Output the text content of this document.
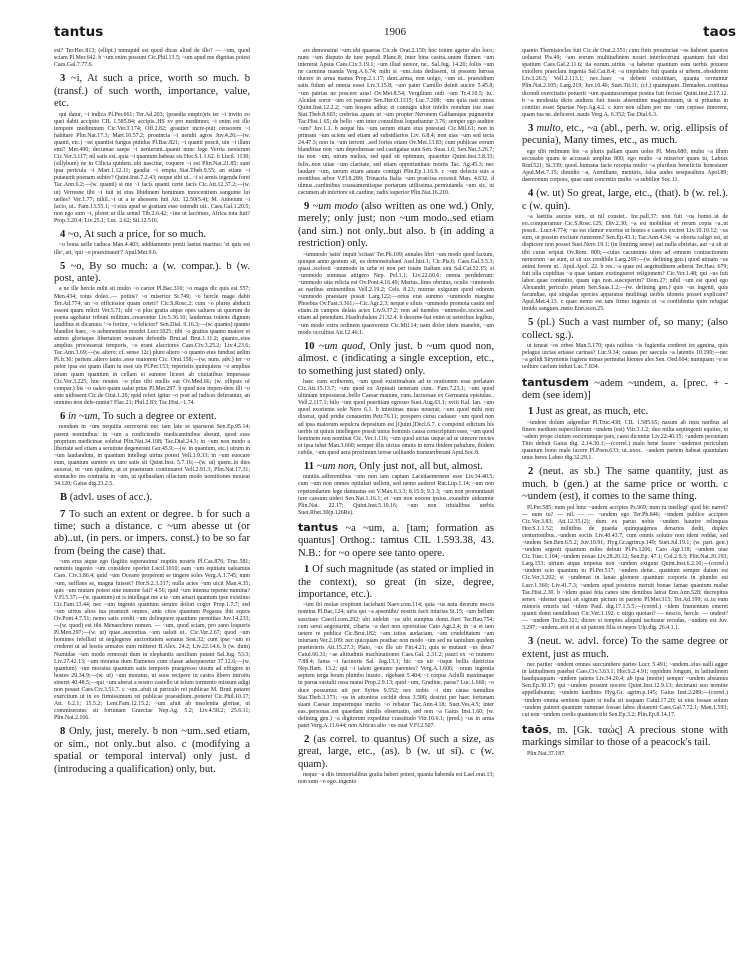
tantus	1906	taos

est? Ter.Hec.813; (ellipt.) numquid est quod dicas aliud de illo? — ~um, quod sciam Pl.Mer.642. b ~um enim possunt Cic.Phil.13.5; ~um apud me dignitas potest Caes.Gal.7.77.6.

3 ~i, At such a price, worth so much. b (transf.) of such worth, importance, value, etc.

qui datur, ~i indica Pl.Per.661; Ter.Ad.203; (praedia empto)ris ter ~i invito eo quei dabit accipito CIL 1.585.84; accipis..HS xv pro medimno; ~i enim est illo tempore medimnum Cic.Ver.3.174; Off.2.82; grauiter incre-puit censorem ~i habitare Plin.Nat.17.3; Mart.10.57.2; prouincia ~i uendit agros Juv.4.26;—(w. quanti, etc.) ~ist quantist fungus putidus Pl.Bac.821; ~i quanti poscit, uin ~i illam emi? Mer.490; decumae saepe ~i uenierunt..quanti nunc lege Verria uenierunt Cic.Ver.3.117; nil satis est..quia ~i quantum habeas sis Hor.S.1.1.62. b Lucil. 1130; (sillybum) ne in Cilicia quidem..ubi nascitur, coquere ~i est Plin.Nat.21.85; sunt ipsa pericula ~i Mart.1.12.11; gaudia ~i empta Stat.Theb.9.55; an etiam ~i putauerit poenam subire? Quint.Inst.7.2.43; neque sibi ut...~i si armis tegenda foret Tac.Ann.6.2;—(w. quanti) si me ~i facis quanti certe facis Cic.Att.12.37.2;—(w. ut) Verresne tibi ~i fuit ut eius libidinem hominum innocentium sanguine lui ueiles? Ver.1.77; nihil..~i ut a te abessem fuit Att. 12.50(5.4); M. Anneium ~i facio, ut.. Fam.13.55.1; ~i eius apud se gratiam esse ostendit uti.. Caes.Gal.1.20.5; non ego sum ~i, ploret ut illa semel Tib.2.6.42; ~ine ut lacrimes, Africa tota fuit? Prop.3.20.4; Liv.25.1; Luc. 2.62; Sil.12.516.

4 ~o, At such a price, for so much.

~o bona uelle caduca Man.4.403; additamento pretii laetus maritus: 'et quis est ille', ait, 'qui ~o praestinauit'? Apul.Met.9.6.

5 ~o, By so much: a (w. compar.). b (w. post, ante).

a ne ille hercle mihi sit multo ~o carior Pl.Bac.310; ~o magis dic quis est 557; Men.434; totus doleo..— potius? ~o miserior St.749; ~o hercle mage dabit Ter.Ad.774; an ~o officiosior quam ceteri? Cic.S.Rosc.2; cum ~o plures abducti essent quam relicti Ver.5.71; ubi ~o plus gratia atque opes ualuere ut quorum de poena agebatur tribuni militum..crearentur Liv.5.36.10; laudemus totiens dignum laudibus et dicamus: '~o fortior, ~o felicior!' Sen.Dial. 9.16.3;—(w. quanto) quanto blandior haec, ~o uehementius mordet Lucr.1025; tibi ~o gratius quanto maiore et animo gloriaque libertatem nostram defendis Brut.ad Brut.1.11.2; quanto..eius amplius processerat temporis, ~o erant alacriores Caes.Civ.3.25.2; Liv.4.23.6; Tac.Ann.3.69;—(w. altero: cf. sense 12c) plure altero ~o quanto eius fundust uelim Pl.fr.36; partem..altero tanto..esse maiorem Cic. Orat.158;—(w. num. adv.) ter ~o peior ipsa est quam illam tu esse uis Pl.Per.153; reperietis quinquiens ~o amplius istum quam quantum in cellam ei sumere liceret ab ciuitatibus imperasse Cic.Ver.3.225; huc nouies ~o plus tibi mellis eat Ov.Med.66; (w. ellipsis of compar.) bis ~o ualeo quam ualui prius Pl.Mer.297. b quod non impen-dere illi ~o ante uidissent Cic.de Orat.1.26; quid refert igitur ~o post ad iudices deferantur, an omnino non defe-rantur? Flac.21; Phil.2.83; Tac.Hist.~1.74.

6 in ~um, To such a degree or extent.

nondum in ~um nequitia surrexerat nec tam late se sparserat Sen.Ep.95.14; parent nominibus: in ~um a conficiendis medicaminibus abeunt, quod esse proprium medicinae solebat Plin.Nat.34.108; Tac.Dial.24.3; in ~um non modo a libertate sed etiam a seruitute degenerant Ger.45.9;—(w. in quantum, etc.) uirum in ~um laudandum, in quantum intellegi uirtus potest Vell.1.9.33; in ~um euocare eum, quantum sumere ex uno satis sit Quint.Inst. 5.7.16;—(w. ut) quem..in dies auxerat, in ~um quidem, ut ei praeturam continuaret Vell.2.91.3; Plin.Nat.17.31; stomacho res contraria in ~um, ut quibusdam olfactum modo uomitiones moueat 34.120; Gaius dig.23.2.5.

B (advl. uses of acc.).

7 To such an extent or degree. b for such a time; such a distance. c ~um abesse ut (or ab)..ut, (in pers. or impers. const.) to be so far from (being the case) that.

~um erus atque ego flagitio superauimu' nuptiis nostris Pl.Cas.876; Truc.581; neminis ingenio ~um considere oportet Lucil.1010; eam ~um equitatu ualeamus Caes. Civ.3.86.4; quid ~um Oceano properent se tingere soles Verg.A.1.745; num ~um, sufflans se, magna fuisset? Hor.S.2.3.317; nulla acies ~um uicit Man.4.35; quis ~um mutare potest sine numine fati? 4.56; quid ~um intensa repente numina? V.Fl.5.37;—(w. quantum) ut is intellegat me a te ~um amari quantum ipse existimo Cic.Fam.13.44; nec ~um ingenio quantum seruire dolori cogor Prop.1.7.7; sed ~um uirtus alios tua praeterit omnes, ante citos quantum Pegasus ibit equos Ov.Pont.4.7.51; nemo satis credit ~um delinquere quantum permittas Juv.14.233;—(w. quod) est tibi Menaechmo nomen. — ~um, quod sciam, pro sano loqueris Pl.Men.297;—(w. ut) quae..auctoritas ~um ualuit ut.. Cic.Ver.2.67; quod ~um homines fefellisti ut neglegeres auctoritatem senatus Sest.32; cum ipse ~um ei crederet ut ad hostis armatos eum mitteret B.Alex. 24.2; Liv.22.14.6. b (w. dum) Numidae ~um modo remorati dum in elephantis auxilium putant Sal.Jug. 53.3; Liv.27.42.13; ~um moratus dum Eumenes cum classe adsequeretur 37.12.6;—(w. quantum) ~um moratus quantum satis temporis praegresso uisum ad effugere in hostes 29.34.9;—(w. ut) ~um moratus, ut suos recipere in castra libero introitu sineret 40.48.5;—qui ~um aberat a nostro castello ut telum tormento missum adigi non posset Caes.Civ.3.51.7. c ~um..afuit ut periculo rei publicae M. Bruti putaret exercitum ut in eo firmissimum rei publicae praesidium..poneret Cic.Phil.10.17; Att. 6.2.1; 15.5.2; Lent.Fam.12.15.2; ~um afuit ab insolentia gloriae, ut commiseratus sit fortunam Graeciae Nep.Ag. 5.2; Liv.4.58.2; 25.6.11; Plin.Nat.2.166.

8 Only, just, merely. b non ~um..sed etiam, or sim., not only..but also. c (modifying a spatial or temporal interval) only just. d (introducing a qualification) only, but.

ars demonstrat ~um ubi quaeras Cic.de Orat.2.150; hoc totum agetur alio loco; nunc ~um disputo de iure populi Planc.8; inter bina castra..unum flumen ~um intererat Apsus Caes.Civ.3.19.1; ~um illud uereor, ne.. Sal.Jug. 14.20; foliis ~um ne carmina manda Verg.A.6.74; mihi si ~um..fata dedissent, ut possem heroas ducere in arma manus Prop.2.1.17; dant..arma, non uolgo, ~um ut.. praesidium satis fidum ad omnia esset Liv.3.15.8; ~um pater Camillo deinit auctor 5.45.8; ~um patrias ne poscere aras! Ov.Met.8.54; Vergilium uidi ~um Tr.4.10.5; tu.. Alcidae soror ~um ex parente Sen.Her.O.1315; Luc.7.208; ~um quia nati simus Quint.Inst.12.2.2; ~um hospes adhuc et coniugis ultor infelix nondum iste suae Stat.Theb.8.603; crebrius..quam ut ~um propter Neronem Galbamque pugnaretur Tac.Hist.1.65; de bello ~um inter consulibus loquebantur 3.76; semper ego auditor ~um? Juv.1.1. b neque his ~um uerum etiam eius potestati Cic.Mil.61; non in primam ~um aciem sed etiam ad subsidiarios Liv. 6.8.4; non uias ~um sed tecta 24.47.3; non tu ~um terrent ..sed fortes etiam Ov.Met.13.83; cum publicae eorum blanditiae non ~um deprehensae sed castigatae sunt Sen. Suas.1.6; Sen.Nat.3.26.7; ita non ~um, utrum melius, sed quid sit optimum, quaeritur Quint.Inst.3.8.33; felix..non uitae ~um claritate, sed etiam opportunitate mortis Tac. Ag.45.3; nec laudare ~um, uerum etiam amare contigit Plin.Ep.1.16.9. c ~um delecta suis a montibus arbor V.Fl.8.289; Trinacria Italia ~um praecisa recessit Man. 4.632. d ulmus..cardinibus coassamentisque portarum utilissima..permutanda ~um sic, ut cacumen ab inferiore sit cardine, radix superior Plin.Nat.16.210.

9 ~um modo (also written as one wd.) Only, merely; only just; non ~um modo..sed etiam (and sim.) not only..but also. b (in adding a restriction) only.

~ummodo 'satis' inquit 'scitast' Ter.Ph.109; annales libri ~um modo quod factum, quoque anno gestum sit, ea demonstrabant Asel.hist.1; Cic.Pis.6; Caes.Gal.3.5.3; quasi..scelesti ~ummodo in urbe et non per totam Italiam sint Sal.Cat.52.15; si ~ummodo summas attigero Nep. Pel.1.1; Liv.22.60.6; omnia perdiderunt: ~ummodo uita relicta est Ov.Pont.4.16.49; Marius..limo obrutus, oculis ~ummodo ac naribus eminentibus Vell.2.19.2; Cels. 8.23; murrae exiguum quod odorem ~ummodo praestare possit Larg.122;—ortus erat summo ~ummodo margine Phoebus Ov.Fast.3.361;—Cic.Agr.2.3; neque e siluis ~ummodo promota castra sed etiam..in campos delata acies Liv.9.37.2; non ad tuendos ~ummodo..socios..sed etiam ad petendum..Hasdrubalem 21.32.4. b decerne-bat enim ut ueteribus legibus, ~um modo extra ordinem quaereretur Cic.Mil.14; nam dolor idem manebit, ~um modo occultius Att.12.46.1.

10 ~um quod, Only just. b ~um quod non, almost. c (indicating a single exception, etc., to something just stated) only.

haec cum scriberem, ~um quod existimabam ad te orationem esse perlatam Cic.Att.15.13.7; ~um quod ex Arpinati ueneram cum.. Fam.7.23.1; ~um quod ultimam imposuerat..bello Caesar manum, cum..luctuosae ex Germania epistulae.. Vell.2.117.1; hilo ~um quod pueritiam egresso Suet.Aug.63.1; xviii Kal. Ian. ~um quod exoriente sole Nero 6.1. b intestinas meas nouerat; ~um quod mihi non dixerat, quid pridie cenauerim Petr.76.11; prospero cursu cadauer ~um quod non ad ipsa maiorum sepulcra depositum est [Quint.]Decl.6.7. c componit edictum his uerbis ut quiuis intellegere possit unius hominis causa conscriptum esse, ~um quod hominem non nominat Cic. Ver.1.116; ~um quod uictas usque ad se uincere noctes et ipsa iubet Man.3.660; semper illis uictus omnis in terra ibidem pabulum, ibidem cubile, ~um quod aera proximum terrae uolitando transuerberant Apul.Soc.8.

11 ~um non, Only just not, all but, almost.

nuntiis..adferentibus ~um non iam captam Lacedaemonem esse Liv.34.40.5; cum ~um non omnes opitulari uellent, sed nemo auderet Rut.Lup.1.14; ~um non repetundarum lege damnatus est V.Max.6.3.3; 8.15.9; 9.3.3; ~um non pronuntiauit iure caesum uideri Sen.Nat.1.16.1; et ~um non uocem ipsius..exaudire uideamur Plin.Nat. 22.17; Quint.Inst.5.10.16; ~um non triuialibus uerbis Suet.Rhet.30(p.126Re).

tantus ~a ~um, a. [tam; formation as quantus] Orthog.: tamtus CIL 1.593.38, 43. N.B.: for ~o opere see tanto opere.

1 Of such magnitude (as stated or implied in the context), so great (in size, degree, importance, etc.).

~um ibi molae crepitum faciebant Naev.com.114; quia ~us natu deorum nescis nomina Pl.Bac.124; uiris qui ~a apsentibu' nostris facit iniurias St.15; ~um bellum suscitare Caecil.com.292; ubi uidebit ~os sibi sumptus domi..fieri Ter.Hau.754; cum serui aegrotarint, cibaria ~a dari non oportuisse Cato Agr.2.4; in ~a et tam uetere re publica Cic.Brut.182; ~am istius audaciam, ~am crudelitatem ~am iniuriam Ver.2.109; nec quicquam posthac non modo ~um sed ne tantulum quidem praeterieris Att.15.27.3; Plato, ~us ille uir Fin.4.21; quis te mutauit ~us deus? Catul.66.31; ~ae altitudinis machinationes Caes.Gal. 2.31.2; pauci ex ~o numero 7.88.4; fama ~i facinoris Sal. Jug.13.1; hic ~us uir ~isque bellis districtus Nep.Ham. 13.2; qui ~i talem genuere parentes? Verg.A.1.606; ~orum ingentia septem terga boum plumbo insuto.. rigebant 5.404; ~i corpus Achilli maximaque in parua sustulit ossa manu Prop.2.9.13; quid ~um, Gradiue, paras? Luc.1.660; ~o duce possumus uti per Syrtes 9.552; nec uobis ~i sim causa tumultus Stat.Theb.3.373; ~us in attonitos cecidit deus 3.580; destrui per haec fortunam suam Caesar imparemque merito ~o rebatur Tac.Ann.4.18; Suet.Ves.4.5; inter eas..personas..est quaedam similis obseruatio, sed non ~a Gaius Inst.1.60; (w. defining gen.) ~a digitorum expeditur crassitudo Vitr.10.6.1; (pred.) ~us in arma patet Verg.A.11.644; non Africus alto ~us ouat V.Fl.2.507.

2 (as correl. to quantus) Of such a size, as great, large, etc., (as). b (w. ut si). c (w. quam).

neque ~a diis immortalibus gratia haberi potest, quanta habenda est Lael.orat.13; non sum ~o ego..ingenio

quanto Themistocles fuit Cic.de Orat.2.351; cum finis prouinciae ~os haberet quantos uoluerat Pis.49; ~am eorum multitudinem nostri interfecerunt quantum fuit diei spatium Caes.Gal.2.11.6; ita eorum..uirtus ~a habetur quantum eam uerbis potuere extollere praeclara ingenia Sal.Cat.8.4; ~a trepidatio fuit quanta si urbem..obsiderent Liv.3.26.5; Vell.2.113.1; nec..haec ~a debent existimari, quanta cernuntur Plin.Nat.2.105; Larg.219; Juv.10.40; Suet.Tit.11; (cf.) quamquam..Demaden..continua dicendi exercitatio potuerit ~um quantuscumque postea fuit fecisse Quint.Inst.2.17.12. b ~a modestia dicto audiens fuit iussis absentium magistratuum, ut si priuatus in comitio esset Spartae Nep.Ag.4.2. c iuro non ullum pro me ~um cepisse timorem, quam tua ne..deficeret..nauis Verg.A. 6.352; Tac.Dial.6.3.

3 multo, etc., ~a (abl., perh. w. orig. ellipsis of pecunia), Many times, etc., as much.

ego tibi redimam bis ~a pluris pallam quam uoles Pl. Men.680; multo ~a illum accusabo quam te accusaui amplius 800; ego multo ~a miserior quam tu, Labrax Rud.521; St.339; quod..humana facie recepta multo ~a pluribus beneficiis honestarer Apul.Met.7.15; dimidio ~a, Aemiliane, mentiris, falsa audes sesquealtera Apol.89; daemonum corpora, quae sunt concretio multo ~a subtilior Soc.11.

4 (w. ut) So great, large, etc., (that). b (w. rel.). c (w. quin).

~a laetitia auctus sum, ut nil constet.. Inc.pall.37; non fuit ~us homo..ut de eo..conqueramur Cic.S.Rosc.125; Div.2.30; ~a est mobilitas et rerum copia ~a..ut possit.. Lucr.4.774; ~us est clamor exortus ut hostes e castris exciret Liv.10.19.12; ~us sum, ut possim excitare rumorem? Sen.Ep.43.1; Tac.Ann.4.34; ~a oborta caligo est, ut dispicere non posset Suet.Nero 19.1; (in limiting sense) aut nulla ebrietas, aut ~a sit ut tibi curas eripiat Ov.Rem. 809;—cuius cacuminis uires ad omnem contractionem neruorum ~ae sunt, ut sit uix credibile Larg.269;—(w. defining gen.) quod utinam ~us animi forem ut.. Apul.Apol. 22. b res..~a quae mi aegritudinem adierat Ter.Hau. 679; fuit ulla cupiditas ~a quae tantam exstingueret religionem? Cic.Ver.1.48; qui ~us fuit labor..quae contentio, quam ego non..susceperim? Dom.27; nihil ~um est quod ego Alexandri periculo petam Sen.Suas.1.2;—(w. defining gen.) quis ~us ingenii, quis facundiae, qui singulas species apparatus multiiugi uerbis idoneis posset explicare? Apul.Met.4.13. c quae nemo est tam firmo ingenio et ~a confidentia quin refugiat timido sanguen..metu Enn.scen.25.

5 (pl.) Such a vast number of, so many; (also collect. sg.).

ut teneat ~os orbes Man.5.170; quis ratibus ~is fugientia crederet ire agmina, quis pelagus uictas artasse carinas? Luc.9.34; causas per saecula ~a latentis 10.190;—nec ~a gelidi Strymonis fugiens minas permutat hiemes ales Sen. Oed.604; numquam ~o se uolture caelum induit Luc.7.834.

tantusdem ~adem ~undem, a. [prec. + -dem (see idem)]

1 Just as great, as much, etc.

~undem dolum adgrediar Pl.Truc.438; CIL 1.585.65; nasum ab imis naribus ad finem medium superciliorum ~undem (est) Vitr.3.1.2; duo milia septingenti equites, et ~adem prope ciuium sociorumque pars, caesi dicuntur Liv.22.40.15; ~andem pecuniam Titio debuit Gaius dig. 2.14.30.1;—(correl.) malo bene facere ~undemst periculum quantum bono male facere Pl.Poen.633; ut..uxor.. ~andem partem habeat quantulam unus heres Labeo dig.32.29.1.

2 (neut. as sb.) The same quantity, just as much. b (gen.) at the same price or worth. c ~undem (est), it comes to the same thing.

Pl.Per.585; num pol hinc ~undem accipies Ps.969; num tu intellegi' quid hic narret? — num tu? — nil. — — ~undem ego Ter.Ph.846; ~undem publice accipere Cic.Ver.3.83; Att.12.35.(2); dum ex paruo nobis ~undem haurire relinquas Hor.S.1.1.52; militibus de praeda quinquagenos denarios dedit, duplex centurionibus..~undem sociis Liv.40.43.7; cum omnis solutio non idem reddat, sed ~undem Sen.Ben.6.5.2; Juv.10.91; Hyg.Gr.agrim.p.149; Suet.Jul.19.1; (w. part. gen.) ~undem argenti quantum miles debuit Pl.Ps.1206; Cato Agr.118; ~undem uiae Cic.Tusc.1.104; ~undem noxae Liv.28.20.12; Sen.Ep. 47.1; Col.2.9.3; Plin.Nat.20.193; Larg.153; uirium atque impetus non ~undem exigunt Quint.Inst.6.2.10;—(correl.) ~undem scio quantum tu Pl.Per.517; ~undem detur.. quantum semper datum est Cic.Ver.3.202; si ~undemst in lanae glomere quantum corporis in plumbo est Lucr.1.360; Liv.41.7.3; ~undem apud posteros meruit bonae famae quantum malae Tac.Hist.2.30. b ~idem quasi feta canes sine dentibus latrat Enn.Ann.528; decrepitus senex ~idemst quasi sit signum pictum in pariete Pl.Mer.315; Ter.Ad.199; si..tu eum minoris emeris uel ~idem Paul. dig.17.1.5.5;—(correl.) ~idem frumentum emeret quanti domi uendidisset Cic.Ver.3.192. c uirgo quoiast? — nescio, hercle. — undest? — ~undem Ter.Eu.321; dicere si temptes aliquid tacitusue recedas, ~undem est Juv. 3.297; ~undem..erit et si sit patroni filia et nepos Ulp.dig. 26.4.1.1.

3 (neut. w. advl. force) To the same degree or extent, just as much.

nec pariter ~undem omnes succumbere partes Lucr. 5.491; ~undem..eius ualli agger in latitudinem patebat Caes.Civ.3.63.1; Hor.S.2.4.91; oppidum longum, in latitudinem haudquaquam ~undem patens Liv.34.20.4; ab ipsa (morte) semper ~undem absumus Sen.Ep.30.17; qui ~undem possunt nocere Quint.Inst.12.9.13; decimani suo nomine appellabuntur, ~undem kardines Hyg.Gr. agrim.p.145; Gaius Inst.2.289;—(correl.) ~undem omnia sentiens quam si nulla sit usquam Catul.17.20; ut eius fossae solum ~undem pateret quantum summae fossae labra distarent Caes.Gal.7.72.1; Man.1.593; cui non ~undem credis quantum tibi Sen.Ep.3.2; Plin.Ep.8.14.17.

taōs, m. [Gk. ταώς] A precious stone with markings similar to those of a peacock's tail.

Plin.Nat.37.187.
